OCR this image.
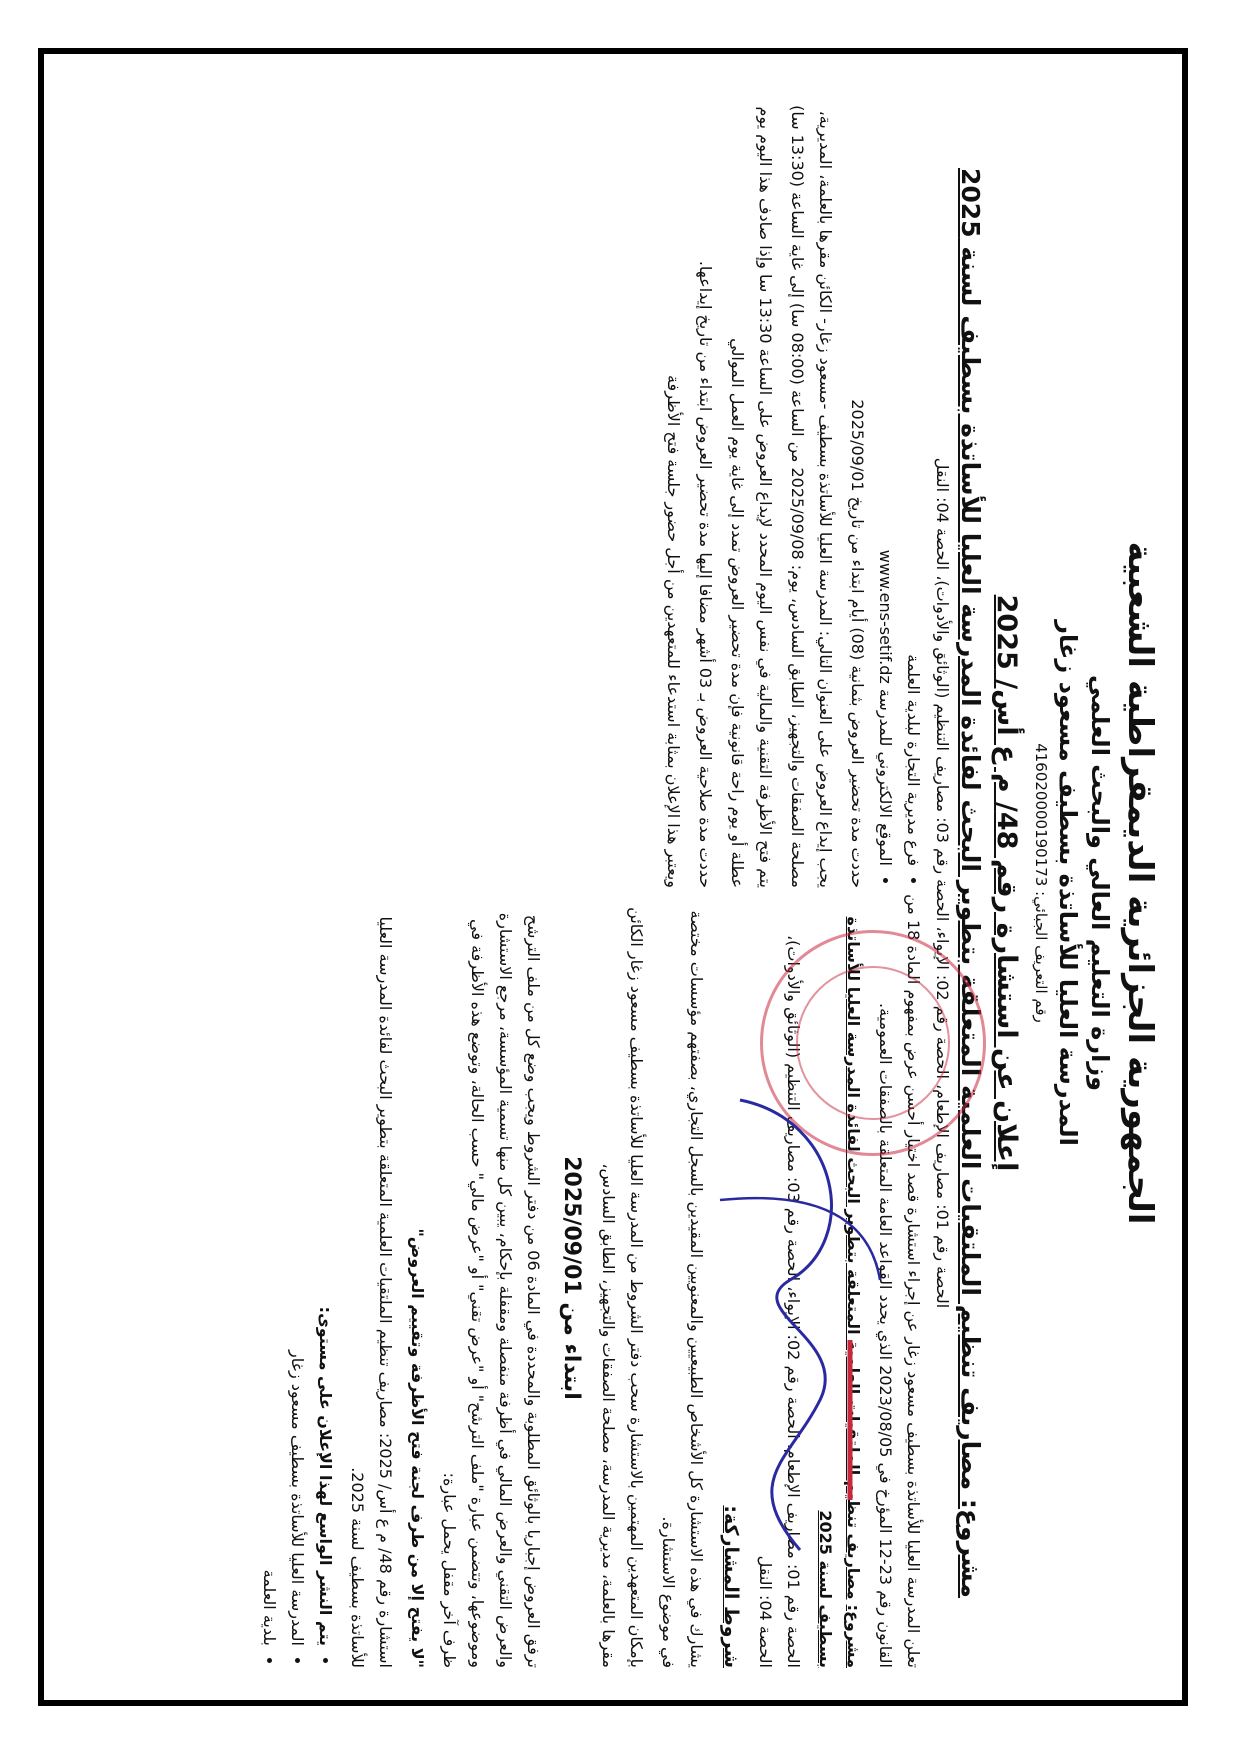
الجمهورية الجزائرية الديمقراطية الشعبية
وزارة التعليم العالي والبحث العلمي
المدرسة العليا للأساتذة بسطيف مسعود زغار
رقم التعريف الجبائي: 416020000190173
إعلان عن استشارة رقم 48/ م ع أس/ 2025
مشروع: مصاريف تنظيم الملتقيات العلمية المتعلقة بتطوير البحث لفائدة المدرسة العليا للأساتذة بسطيف لسنة 2025
الحصة رقم 01: مصاريف الإطعام، الحصة رقم 02: الإيواء، الحصة رقم 03: مصاريف التنظيم (الوثائق والأدوات)، الحصة 04: النقل

تعلن المدرسة العليا للأساتذة بسطيف مسعود زغار عن إجراء استشارة قصد اختيار أحسن عرض بمفهوم المادة 18 من القانون رقم 23-12 المؤرخ في 2023/08/05 الذي يحدد القواعد العامة المتعلقة بالصفقات العمومية.

مشروع: مصاريف تنظيم الملتقيات العلمية المتعلقة بتطوير البحث لفائدة المدرسة العليا للأساتذة بسطيف لسنة 2025

الحصة رقم 01: مصاريف الإطعام، الحصة رقم 02: الإيواء، الحصة رقم 03: مصاريف التنظيم (الوثائق والأدوات)، الحصة 04: النقل

شروط المشاركة:

يشارك في هذه الاستشارة كل الأشخاص الطبيعيين والمعنويين المقيدين بالسجل التجاري، بصفتهم مؤسسات مختصة في موضوع الاستشارة.

بإمكان المتعهدين المهتمين بالاستشارة سحب دفتر الشروط من المدرسة العليا للأساتذة بسطيف مسعود زغار الكائن مقرها بالعلمة، مديرية المدرسة، مصلحة الصفقات والتجهيز، الطابق السادس،

ابتداء من 2025/09/01

ترفق العروض إجباريا بالوثائق المطلوبة والمحددة في المادة 06 من دفتر الشروط ويجب وضع كل من ملف الترشح والعرض التقني والعرض المالي في أظرفة منفصلة ومقفلة بإحكام، يبين كل منها تسمية المؤسسة، مرجع الاستشارة وموضوعها، وتتضمن عبارة "ملف الترشح" أو "عرض تقني" أو "عرض مالي" حسب الحالة، وتوضع هذه الأظرفة في ظرف آخر مقفل يحمل عبارة:

"لا يفتح إلا من طرف لجنة فتح الأظرفة وتقييم العروض"

استشارة رقم 48/ م ع أس/ 2025: مصاريف تنظيم الملتقيات العلمية المتعلقة بتطوير البحث لفائدة المدرسة العليا للأساتذة بسطيف لسنة 2025.

• يتم النشر الواسع لهذا الإعلان على مستوى:
• المدرسة العليا للأساتذة بسطيف مسعود زغار
• بلدية العلمة
• فرع مديرية التجارة لبلدية العلمة
• الموقع الالكتروني للمدرسة www.ens-setif.dz

حددت مدة تحضير العروض بثمانية (08) أيام ابتداء من تاريخ 2025/09/01

يجب إيداع العروض على العنوان التالي: المدرسة العليا للأساتذة بسطيف -مسعود زغار- الكائن مقرها بالعلمة، المديرية، مصلحة الصفقات والتجهيز، الطابق السادس، يوم: 2025/09/08 من الساعة (08:00 سا) إلى غاية الساعة (13:30 سا)

يتم فتح الأظرفة التقنية والمالية في نفس اليوم المحدد لإيداع العروض على الساعة 13:30 سا وإذا صادف هذا اليوم يوم عطلة أو يوم راحة قانونية فإن مدة تحضير العروض تمدد إلى غاية يوم العمل الموالي

حددت مدة صلاحية العروض بـ 03 أشهر مضافا إليها مدة تحضير العروض ابتداء من تاريخ إيداعها.

ويعتبر هذا الإعلان بمثابة استدعاء للمتعهدين من أجل حضور جلسة فتح الأظرفة
